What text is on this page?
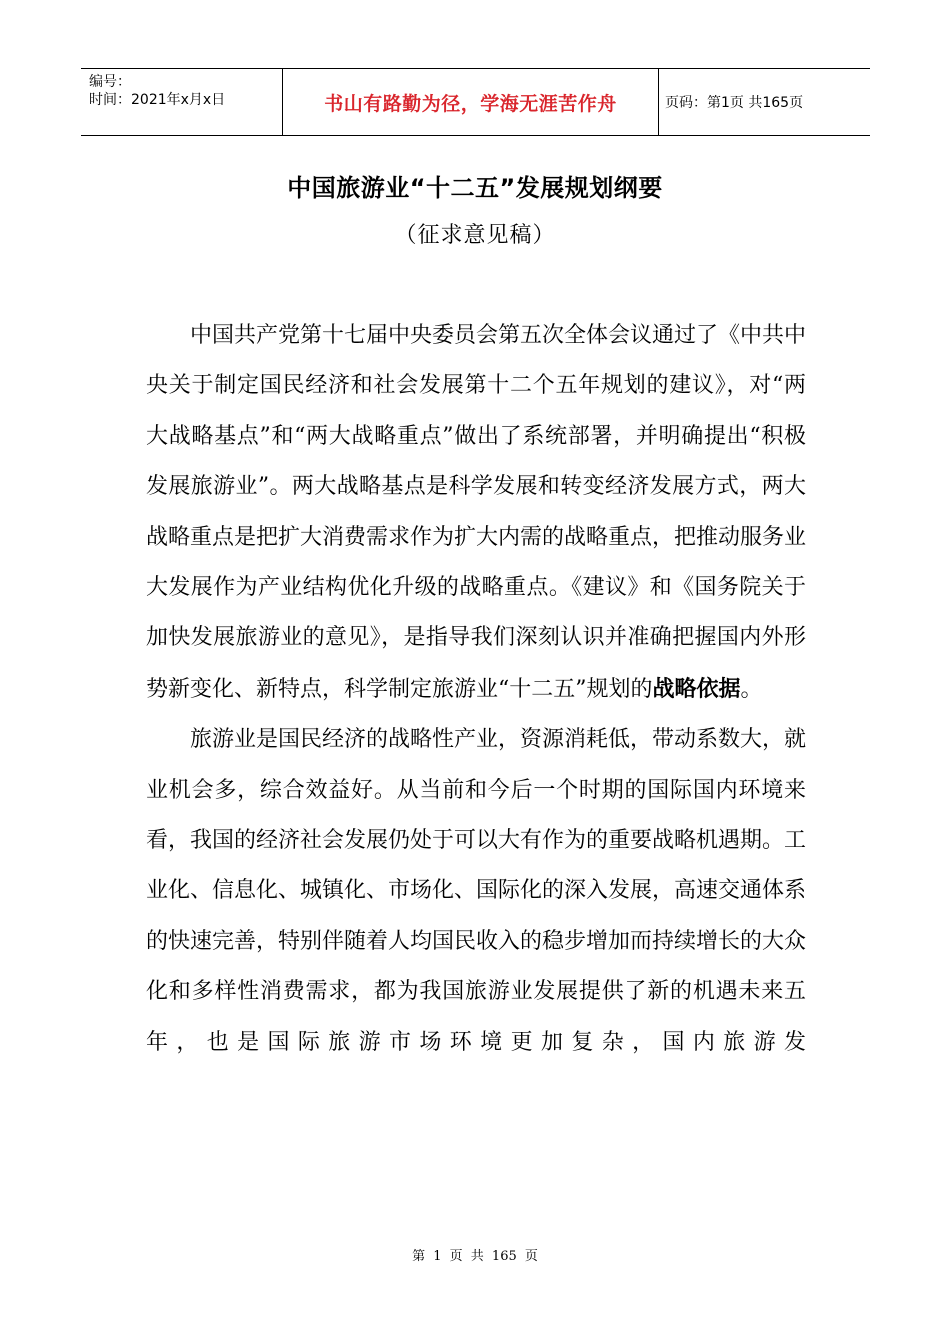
编号：
时间：2021年x月x日	书山有路勤为径，学海无涯苦作舟	页码：第1页 共165页
中国旅游业“十二五”发展规划纲要
（征求意见稿）

中国共产党第十七届中央委员会第五次全体会议通过了《中共中央关于制定国民经济和社会发展第十二个五年规划的建议》，对“两大战略基点”和“两大战略重点”做出了系统部署，并明确提出“积极发展旅游业”。两大战略基点是科学发展和转变经济发展方式，两大战略重点是把扩大消费需求作为扩大内需的战略重点，把推动服务业大发展作为产业结构优化升级的战略重点。《建议》和《国务院关于加快发展旅游业的意见》，是指导我们深刻认识并准确把握国内外形势新变化、新特点，科学制定旅游业“十二五”规划的战略依据。

旅游业是国民经济的战略性产业，资源消耗低，带动系数大，就业机会多，综合效益好。从当前和今后一个时期的国际国内环境来看，我国的经济社会发展仍处于可以大有作为的重要战略机遇期。工业化、信息化、城镇化、市场化、国际化的深入发展，高速交通体系的快速完善，特别伴随着人均国民收入的稳步增加而持续增长的大众化和多样性消费需求，都为我国旅游业发展提供了新的机遇未来五年，也是国际旅游市场环境更加复杂，国内旅游发

第 1 页 共 165 页
